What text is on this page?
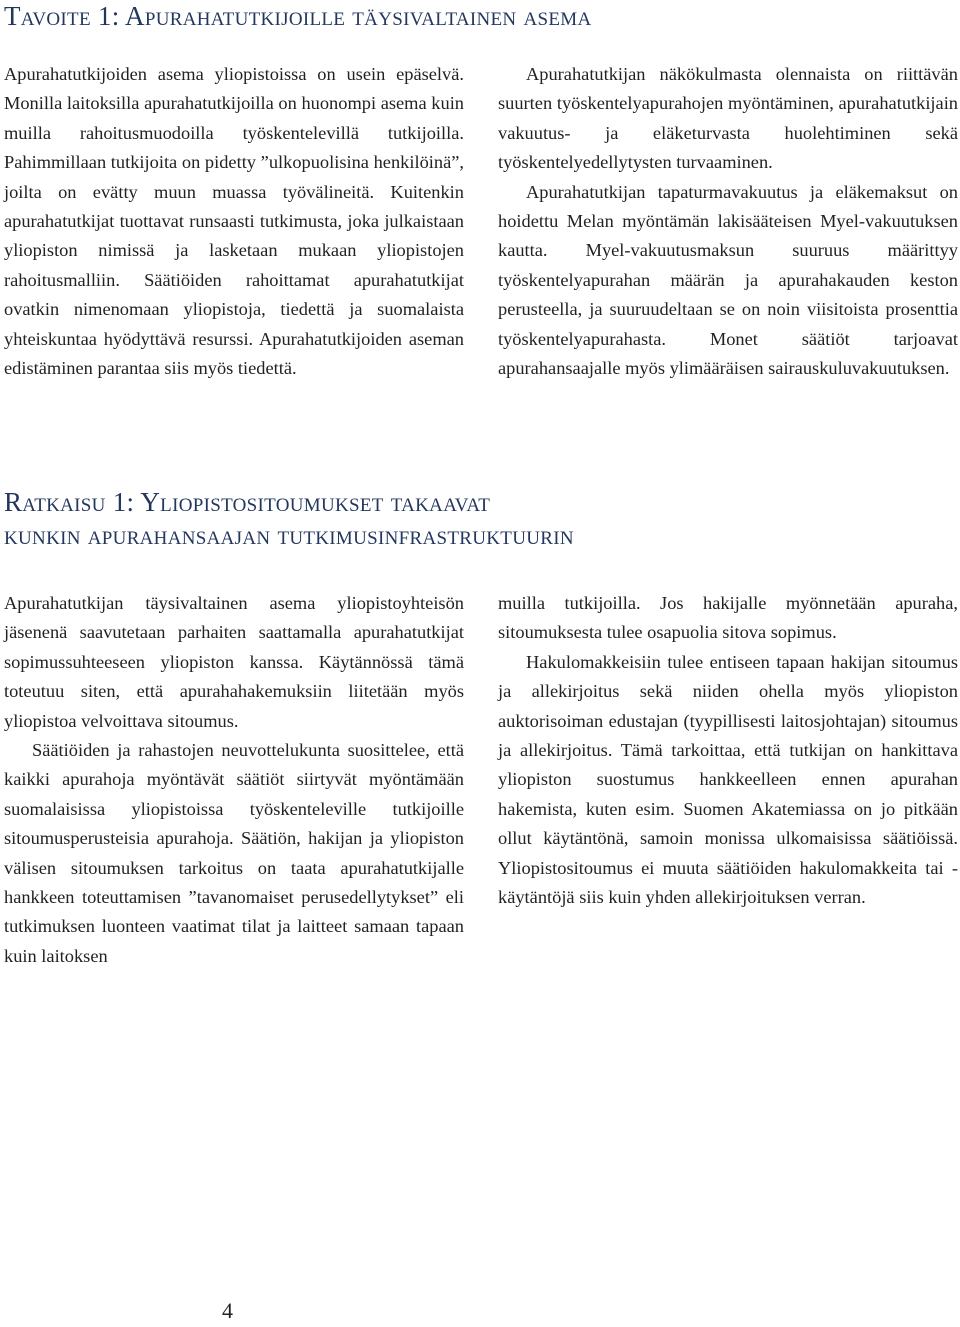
Tavoite 1: Apurahatutkijoille täysivaltainen asema

Apurahatutkijoiden asema yliopistoissa on usein epäselvä. Monilla laitoksilla apurahatutkijoilla on huonompi asema kuin muilla rahoitusmuodoilla työskentelevillä tutkijoilla. Pahimmillaan tutkijoita on pidetty ”ulkopuolisina henkilöinä”, joilta on evätty muun muassa työvälineitä. Kuitenkin apurahatutkijat tuottavat runsaasti tutkimusta, joka julkaistaan yliopiston nimissä ja lasketaan mukaan yliopistojen rahoitusmalliin. Säätiöiden rahoittamat apurahatutkijat ovatkin nimenomaan yliopistoja, tiedettä ja suomalaista yhteiskuntaa hyödyttävä resurssi. Apurahatutkijoiden aseman edistäminen parantaa siis myös tiedettä.

Apurahatutkijan näkökulmasta olennaista on riittävän suurten työskentelyapurahojen myöntäminen, apurahatutkijain vakuutus- ja eläketurvasta huolehtiminen sekä työskentelyedellytysten turvaaminen.

Apurahatutkijan tapaturmavakuutus ja eläkemaksut on hoidettu Melan myöntämän lakisääteisen Myel-vakuutuksen kautta. Myel-vakuutusmaksun suuruus määrittyy työskentelyapurahan määrän ja apurahakauden keston perusteella, ja suuruudeltaan se on noin viisitoista prosenttia työskentelyapurahasta. Monet säätiöt tarjoavat apurahansaajalle myös ylimääräisen sairauskuluvakuutuksen.

Ratkaisu 1: Yliopistositoumukset takaavat
kunkin apurahansaajan tutkimusinfrastruktuurin

Apurahatutkijan täysivaltainen asema yliopistoyhteisön jäsenenä saavutetaan parhaiten saattamalla apurahatutkijat sopimussuhteeseen yliopiston kanssa. Käytännössä tämä toteutuu siten, että apurahahakemuksiin liitetään myös yliopistoa velvoittava sitoumus.

Säätiöiden ja rahastojen neuvottelukunta suosittelee, että kaikki apurahoja myöntävät säätiöt siirtyvät myöntämään suomalaisissa yliopistoissa työskenteleville tutkijoille sitoumusperusteisia apurahoja. Säätiön, hakijan ja yliopiston välisen sitoumuksen tarkoitus on taata apurahatutkijalle hankkeen toteuttamisen ”tavanomaiset perusedellytykset” eli tutkimuksen luonteen vaatimat tilat ja laitteet samaan tapaan kuin laitoksen

muilla tutkijoilla. Jos hakijalle myönnetään apuraha, sitoumuksesta tulee osapuolia sitova sopimus.

Hakulomakkeisiin tulee entiseen tapaan hakijan sitoumus ja allekirjoitus sekä niiden ohella myös yliopiston auktorisoiman edustajan (tyypillisesti laitosjohtajan) sitoumus ja allekirjoitus. Tämä tarkoittaa, että tutkijan on hankittava yliopiston suostumus hankkeelleen ennen apurahan hakemista, kuten esim. Suomen Akatemiassa on jo pitkään ollut käytäntönä, samoin monissa ulkomaisissa säätiöissä. Yliopistositoumus ei muuta säätiöiden hakulomakkeita tai -käytäntöjä siis kuin yhden allekirjoituksen verran.

4
